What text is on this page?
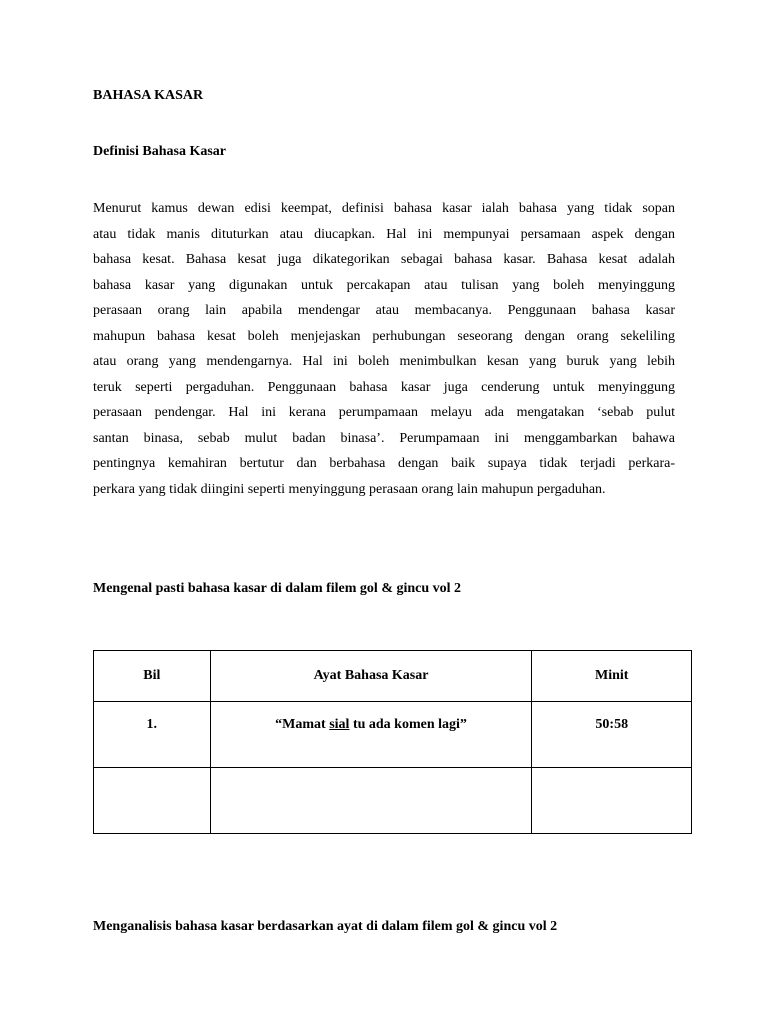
BAHASA KASAR
Definisi Bahasa Kasar

Menurut kamus dewan edisi keempat, definisi bahasa kasar ialah bahasa yang tidak sopan
atau tidak manis dituturkan atau diucapkan. Hal ini mempunyai persamaan aspek dengan
bahasa kesat. Bahasa kesat juga dikategorikan sebagai bahasa kasar. Bahasa kesat adalah
bahasa kasar yang digunakan untuk percakapan atau tulisan yang boleh menyinggung
perasaan orang lain apabila mendengar atau membacanya. Penggunaan bahasa kasar
mahupun bahasa kesat boleh menjejaskan perhubungan seseorang dengan orang sekeliling
atau orang yang mendengarnya. Hal ini boleh menimbulkan kesan yang buruk yang lebih
teruk seperti pergaduhan. Penggunaan bahasa kasar juga cenderung untuk menyinggung
perasaan pendengar. Hal ini kerana perumpamaan melayu ada mengatakan ‘sebab pulut
santan binasa, sebab mulut badan binasa’. Perumpamaan ini menggambarkan bahawa
pentingnya kemahiran bertutur dan berbahasa dengan baik supaya tidak terjadi perkara-
perkara yang tidak diingini seperti menyinggung perasaan orang lain mahupun pergaduhan.

Mengenal pasti bahasa kasar di dalam filem gol & gincu vol 2
Bil	Ayat Bahasa Kasar	Minit
1.	“Mamat sial tu ada komen lagi”	50:58

Menganalisis bahasa kasar berdasarkan ayat di dalam filem gol & gincu vol 2
